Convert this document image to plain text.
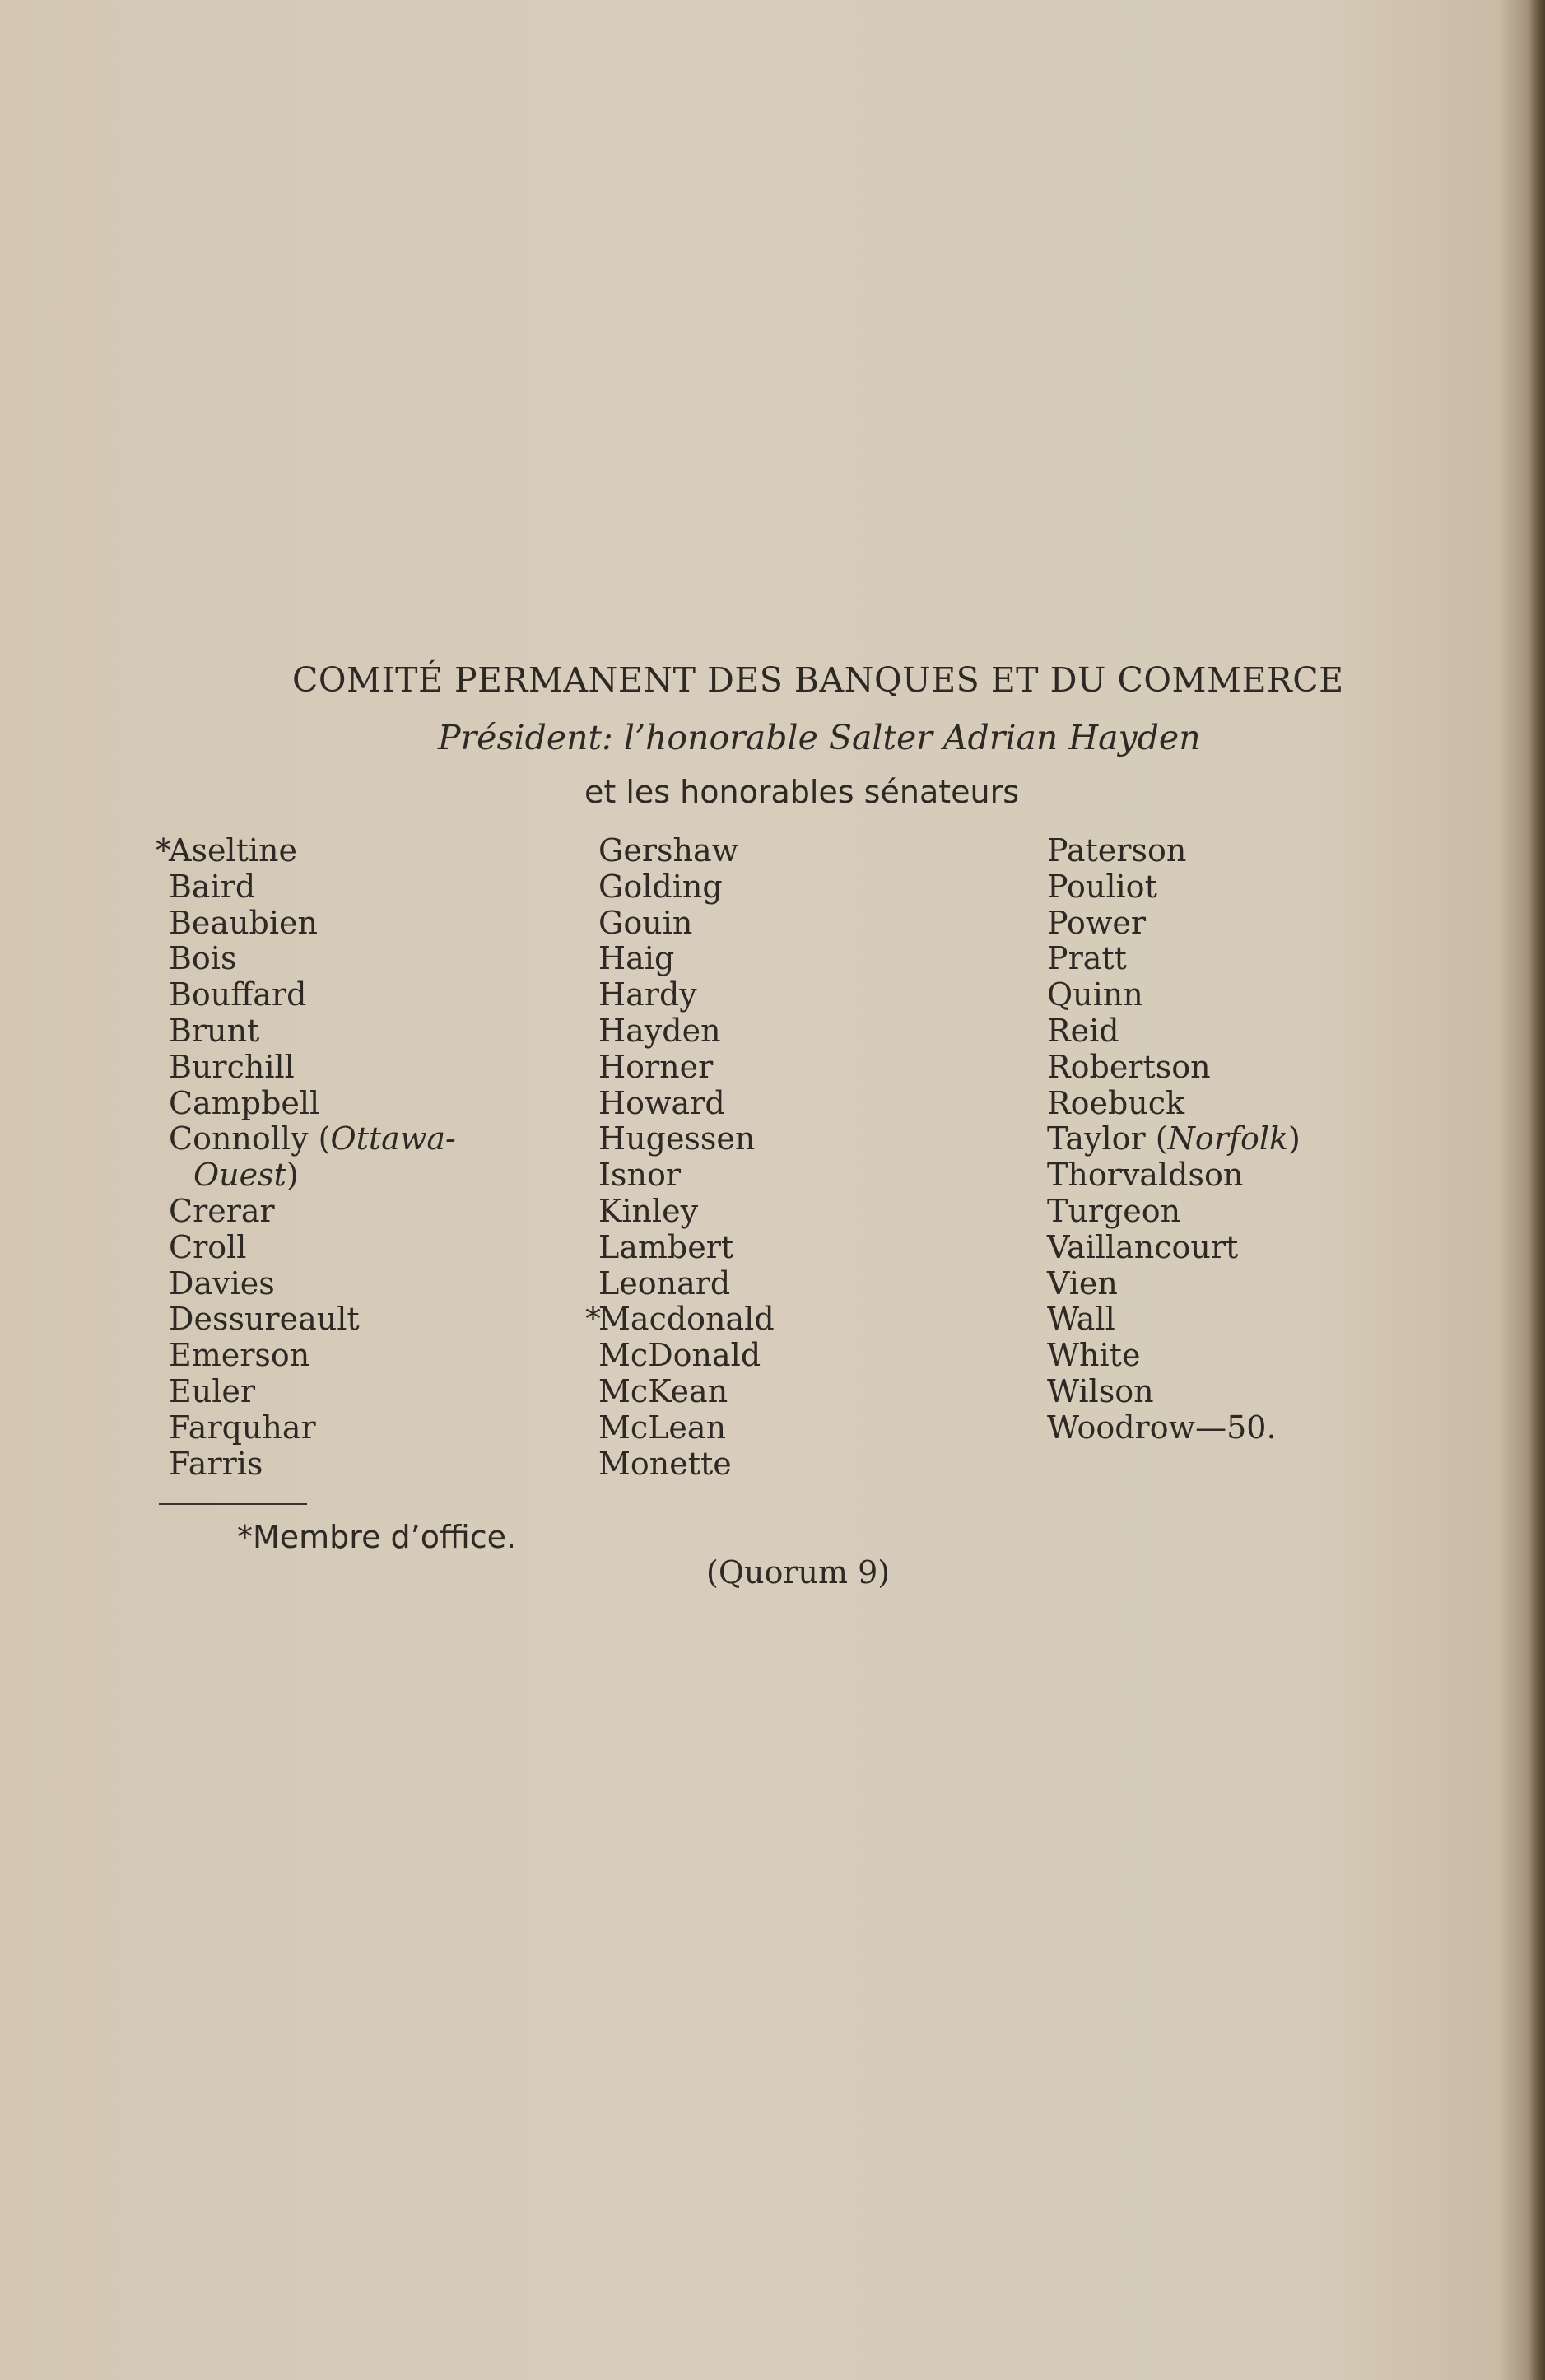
COMITÉ PERMANENT DES BANQUES ET DU COMMERCE
Président: l’honorable Salter Adrian Hayden
et les honorables sénateurs
*Aseltine
Baird
Beaubien
Bois
Bouffard
Brunt
Burchill
Campbell
Connolly (Ottawa-
Ouest)
Crerar
Croll
Davies
Dessureault
Emerson
Euler
Farquhar
Farris
Gershaw
Golding
Gouin
Haig
Hardy
Hayden
Horner
Howard
Hugessen
Isnor
Kinley
Lambert
Leonard
*Macdonald
McDonald
McKean
McLean
Monette
Paterson
Pouliot
Power
Pratt
Quinn
Reid
Robertson
Roebuck
Taylor (Norfolk)
Thorvaldson
Turgeon
Vaillancourt
Vien
Wall
White
Wilson
Woodrow—50.
*Membre d’office.
(Quorum 9)
